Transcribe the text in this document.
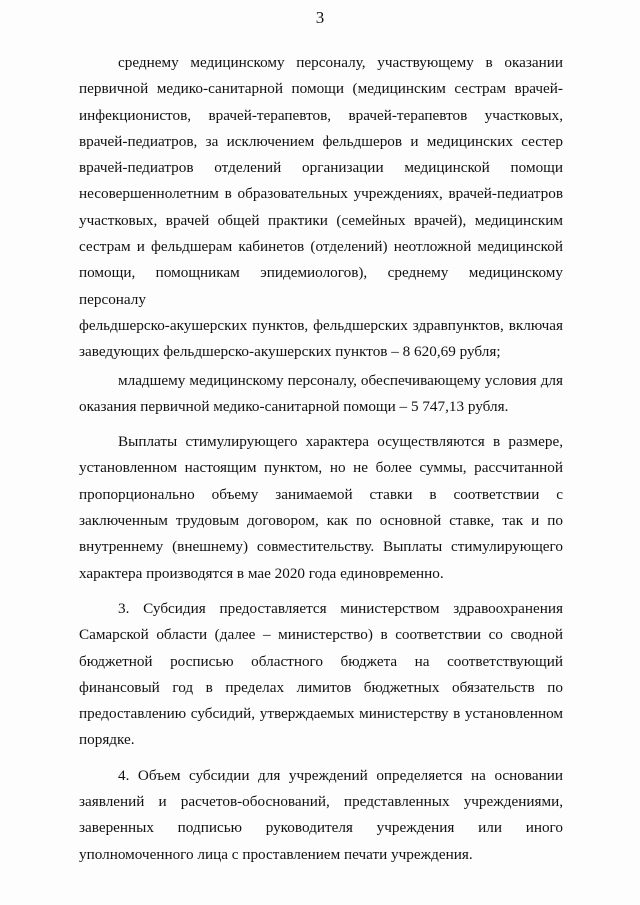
3
среднему медицинскому персоналу, участвующему в оказании
первичной медико-санитарной помощи (медицинским сестрам врачей-
инфекционистов, врачей-терапевтов, врачей-терапевтов участковых,
врачей-педиатров, за исключением фельдшеров и медицинских сестер
врачей-педиатров отделений организации медицинской помощи
несовершеннолетним в образовательных учреждениях, врачей-педиатров
участковых, врачей общей практики (семейных врачей), медицинским
сестрам и фельдшерам кабинетов (отделений) неотложной медицинской
помощи, помощникам эпидемиологов), среднему медицинскому персоналу
фельдшерско-акушерских пунктов, фельдшерских здравпунктов, включая
заведующих фельдшерско-акушерских пунктов – 8 620,69 рубля;
младшему медицинскому персоналу, обеспечивающему условия для
оказания первичной медико-санитарной помощи – 5 747,13 рубля.
Выплаты стимулирующего характера осуществляются в размере,
установленном настоящим пунктом, но не более суммы, рассчитанной
пропорционально объему занимаемой ставки в соответствии с
заключенным трудовым договором, как по основной ставке, так и по
внутреннему (внешнему) совместительству. Выплаты стимулирующего
характера производятся в мае 2020 года единовременно.
3. Субсидия предоставляется министерством здравоохранения
Самарской области (далее – министерство) в соответствии со сводной
бюджетной росписью областного бюджета на соответствующий
финансовый год в пределах лимитов бюджетных обязательств по
предоставлению субсидий, утверждаемых министерству в установленном
порядке.
4. Объем субсидии для учреждений определяется на основании
заявлений и расчетов-обоснований, представленных учреждениями,
заверенных подписью руководителя учреждения или иного
уполномоченного лица с проставлением печати учреждения.
